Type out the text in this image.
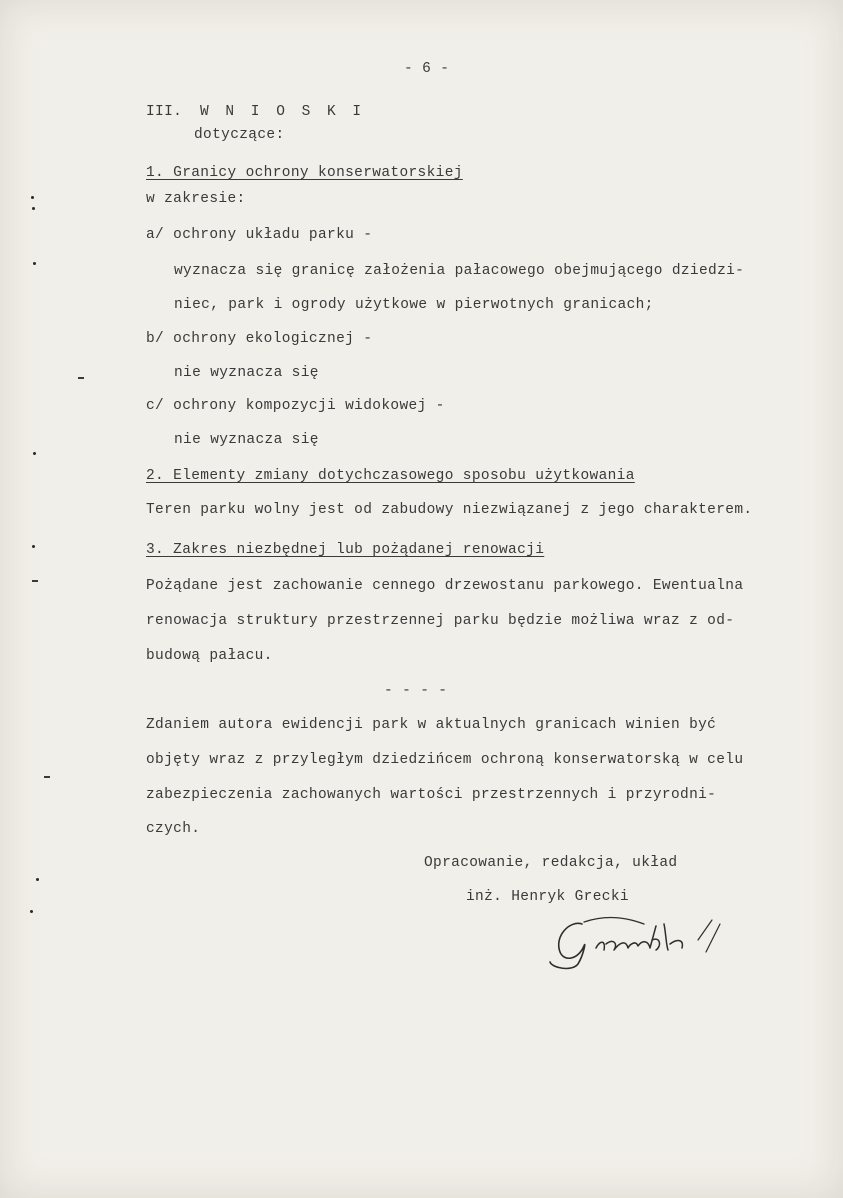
- 6 -
III. W N I O S K I
dotyczące:
1. Granicy ochrony konserwatorskiej
w zakresie:
a/ ochrony układu parku -
wyznacza się granicę założenia pałacowego obejmującego dziedzi-
niec, park i ogrody użytkowe w pierwotnych granicach;
b/ ochrony ekologicznej -
nie wyznacza się
c/ ochrony kompozycji widokowej -
nie wyznacza się
2. Elementy zmiany dotychczasowego sposobu użytkowania
Teren parku wolny jest od zabudowy niezwiązanej z jego charakterem.
3. Zakres niezbędnej lub pożądanej renowacji
Pożądane jest zachowanie cennego drzewostanu parkowego. Ewentualna
renowacja struktury przestrzennej parku będzie możliwa wraz z od-
budową pałacu.
- - - -
Zdaniem autora ewidencji park w aktualnych granicach winien być
objęty wraz z przyległym dziedzińcem ochroną konserwatorską w celu
zabezpieczenia zachowanych wartości przestrzennych i przyrodni-
czych.
Opracowanie, redakcja, układ
inż. Henryk Grecki
